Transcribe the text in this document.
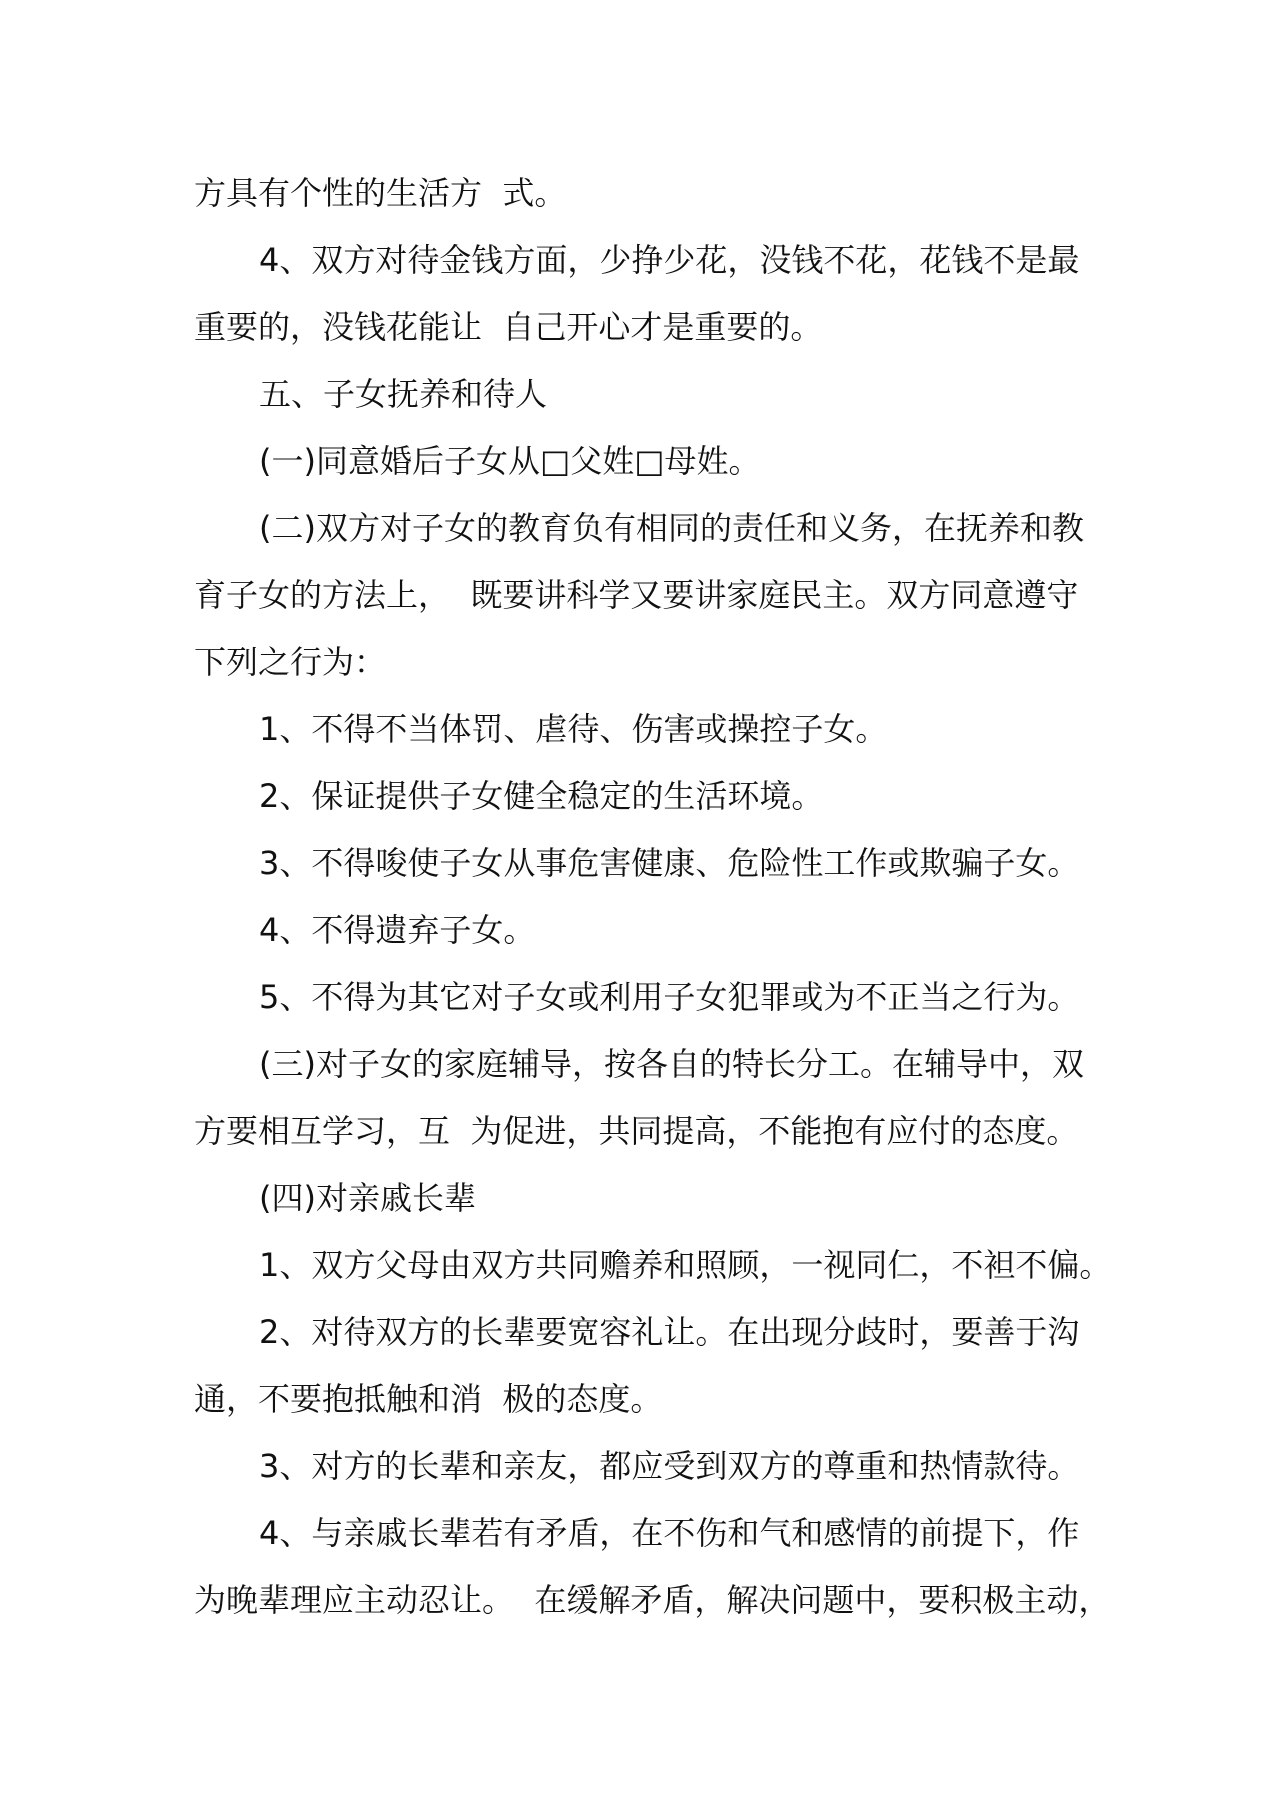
方具有个性的生活方  式。
4、双方对待金钱方面，少挣少花，没钱不花，花钱不是最
重要的，没钱花能让  自己开心才是重要的。
五、子女抚养和待人
(一)同意婚后子女从□父姓□母姓。
(二)双方对子女的教育负有相同的责任和义务，在抚养和教
育子女的方法上，  既要讲科学又要讲家庭民主。双方同意遵守
下列之行为：
1、不得不当体罚、虐待、伤害或操控子女。
2、保证提供子女健全稳定的生活环境。
3、不得唆使子女从事危害健康、危险性工作或欺骗子女。
4、不得遗弃子女。
5、不得为其它对子女或利用子女犯罪或为不正当之行为。
(三)对子女的家庭辅导，按各自的特长分工。在辅导中，双
方要相互学习，互  为促进，共同提高，不能抱有应付的态度。
(四)对亲戚长辈
1、双方父母由双方共同赡养和照顾，一视同仁，不袒不偏。
2、对待双方的长辈要宽容礼让。在出现分歧时，要善于沟
通，不要抱抵触和消  极的态度。
3、对方的长辈和亲友，都应受到双方的尊重和热情款待。
4、与亲戚长辈若有矛盾，在不伤和气和感情的前提下，作
为晚辈理应主动忍让。  在缓解矛盾，解决问题中，要积极主动，
